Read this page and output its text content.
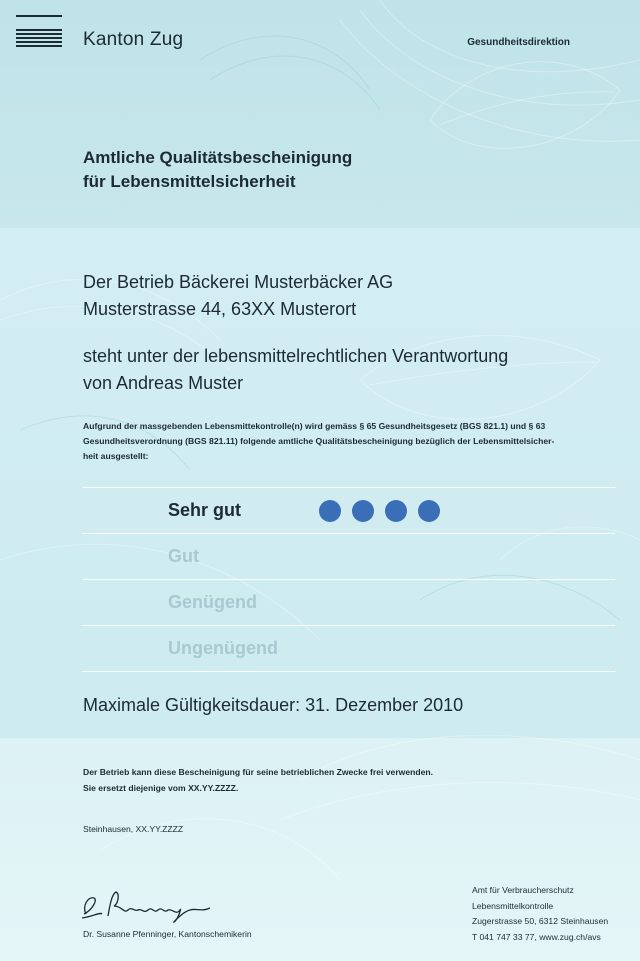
Kanton Zug	Gesundheitsdirektion
Amtliche Qualitätsbescheinigung
für Lebensmittelsicherheit
Der Betrieb Bäckerei Musterbäcker AG
Musterstrasse 44, 63XX Musterort
steht unter der lebensmittelrechtlichen Verantwortung
von Andreas Muster
Aufgrund der massgebenden Lebensmittekontrolle(n) wird gemäss § 65 Gesundheitsgesetz (BGS 821.1) und § 63
Gesundheitsverordnung (BGS 821.11) folgende amtliche Qualitätsbescheinigung bezüglich der Lebensmittelsicher-
heit ausgestellt:
Sehr gut
Gut
Genügend
Ungenügend
Maximale Gültigkeitsdauer: 31. Dezember 2010
Der Betrieb kann diese Bescheinigung für seine betrieblichen Zwecke frei verwenden.
Sie ersetzt diejenige vom XX.YY.ZZZZ.
Steinhausen, XX.YY.ZZZZ
Dr. Susanne Pfenninger, Kantonschemikerin
Amt für Verbraucherschutz
Lebensmittelkontrolle
Zugerstrasse 50, 6312 Steinhausen
T 041 747 33 77, www.zug.ch/avs
